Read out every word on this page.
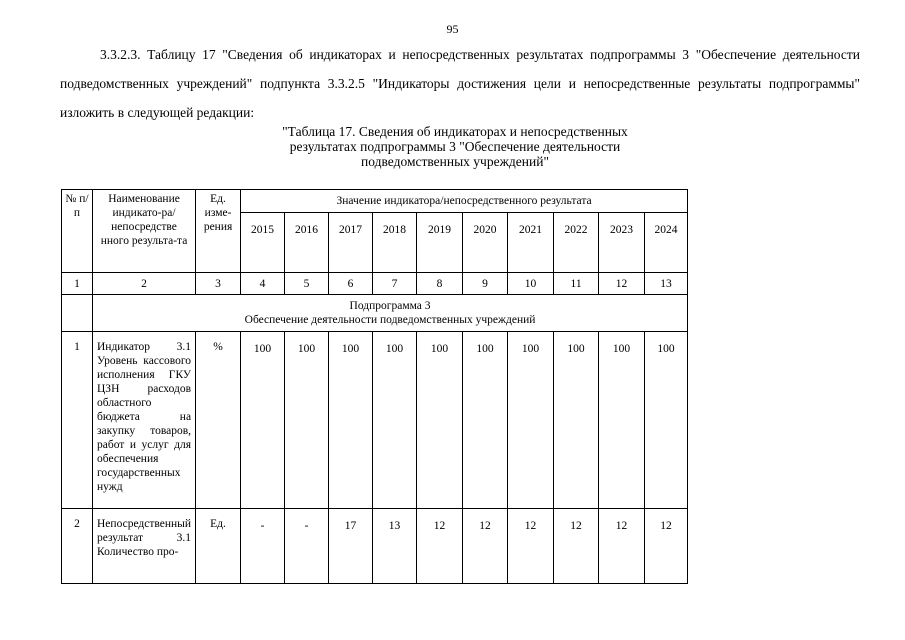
95
3.3.2.3. Таблицу 17 "Сведения об индикаторах и непосредственных результатах подпрограммы 3 "Обеспечение деятельности подведомственных учреждений" подпункта 3.3.2.5 "Индикаторы достижения цели и непосредственные результаты подпрограммы" изложить в следующей редакции:
"Таблица 17. Сведения об индикаторах и непосредственных
результатах подпрограммы 3 "Обеспечение деятельности
подведомственных учреждений"
№ п/п	Наименование индикато-ра/непосредстве нного результа-та	Ед. изме-рения	Значение индикатора/непосредственного результата									
			2015	2016	2017	2018	2019	2020	2021	2022	2023	2024
1	2	3	4	5	6	7	8	9	10	11	12	13

	Подпрограмма 3
Обеспечение деятельности подведомственных учреждений											

1	Индикатор 3.1 Уровень кассового исполнения ГКУ ЦЗН расходов областного бюджета на закупку товаров, работ и услуг для обеспечения государственных нужд	%	100	100	100	100	100	100	100	100	100	100
2	Непосредственный результат 3.1 Количество про-	Ед.	-	-	17	13	12	12	12	12	12	12
